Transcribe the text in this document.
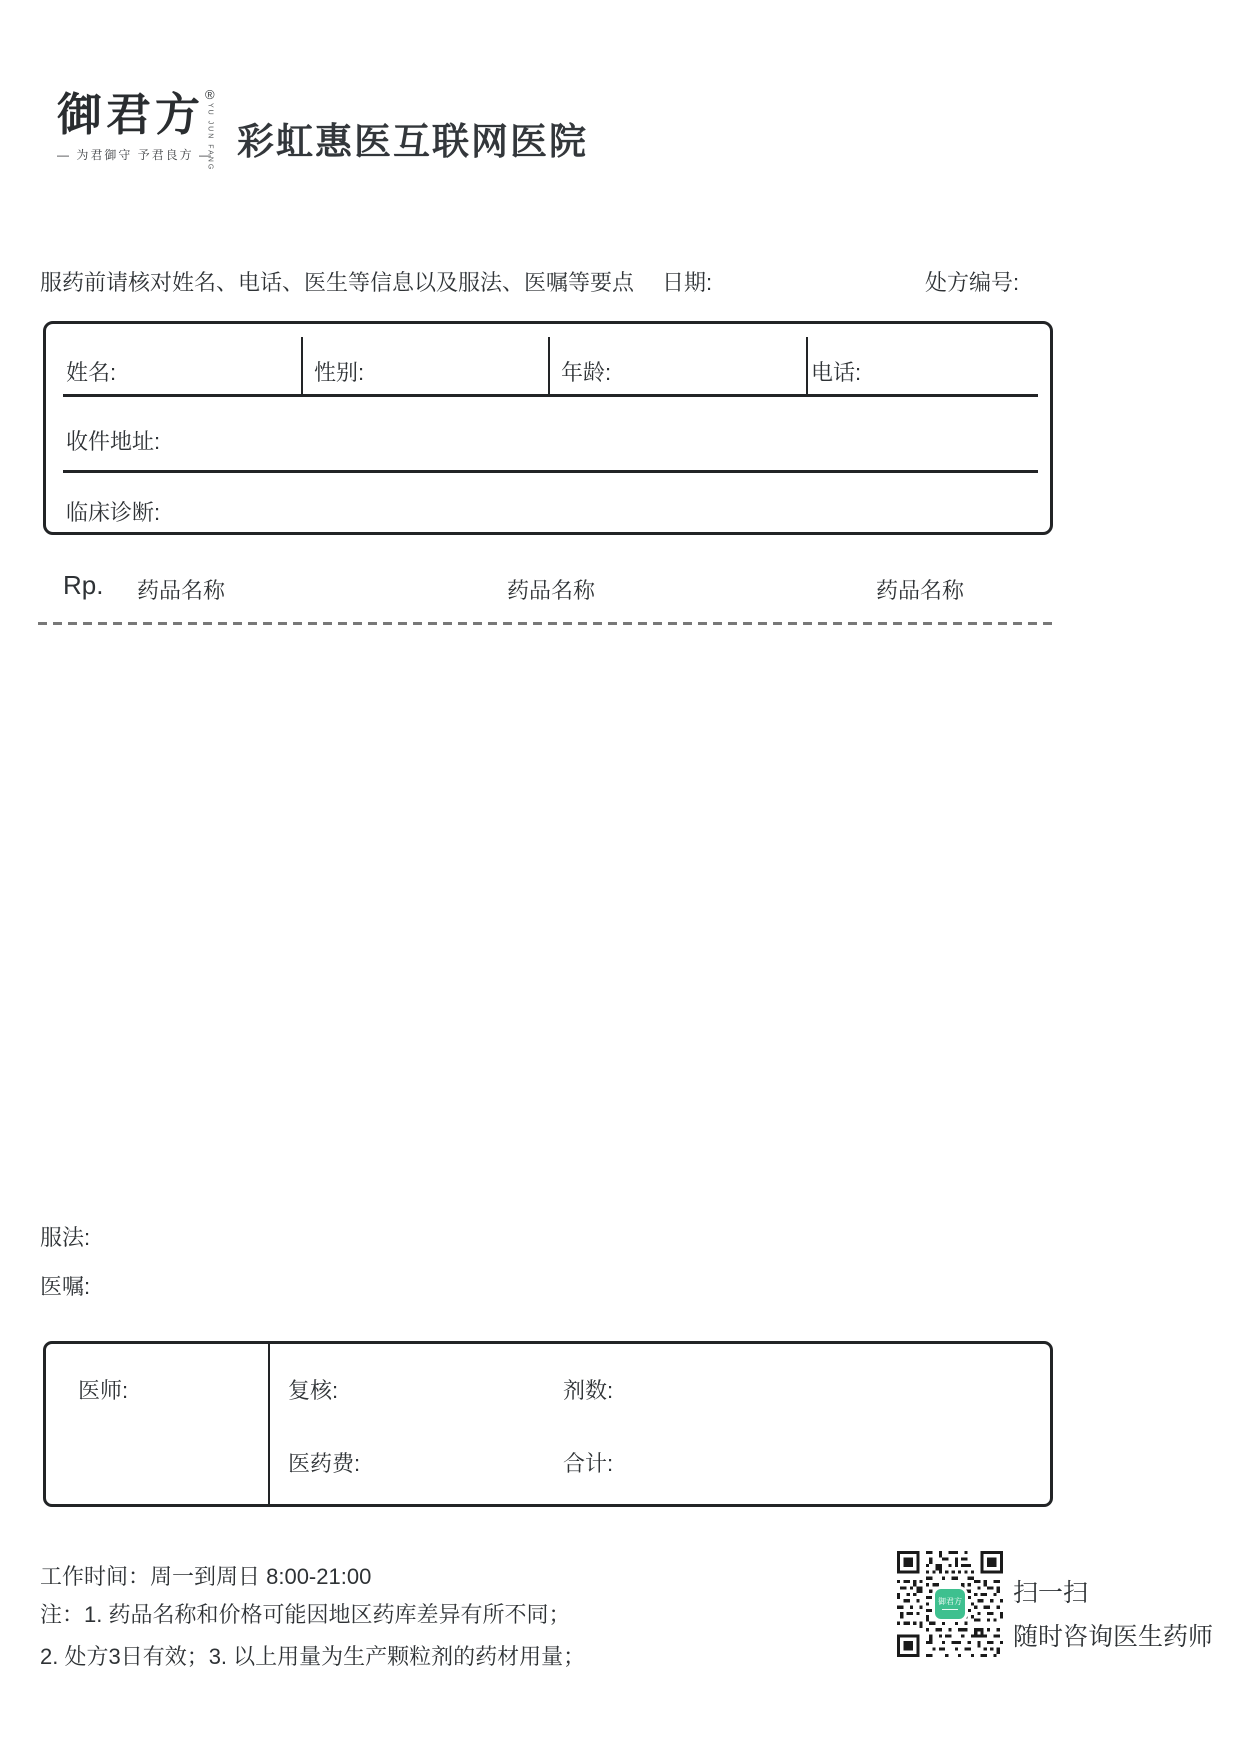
御君方 ®
YU JUN FANG
— 为君御守 予君良方 — 彩虹惠医互联网医院
服药前请核对姓名、电话、医生等信息以及服法、医嘱等要点 日期:	处方编号:
姓名:	性别:	年龄:	电话:
收件地址:
临床诊断:
Rp. 药品名称	药品名称	药品名称
服法:
医嘱:
医师:	复核:	剂数:
医药费:	合计:
工作时间：周一到周日 8:00-21:00
注：1. 药品名称和价格可能因地区药库差异有所不同；
2. 处方3日有效；3. 以上用量为生产颗粒剂的药材用量；
御君方 扫一扫
随时咨询医生药师
